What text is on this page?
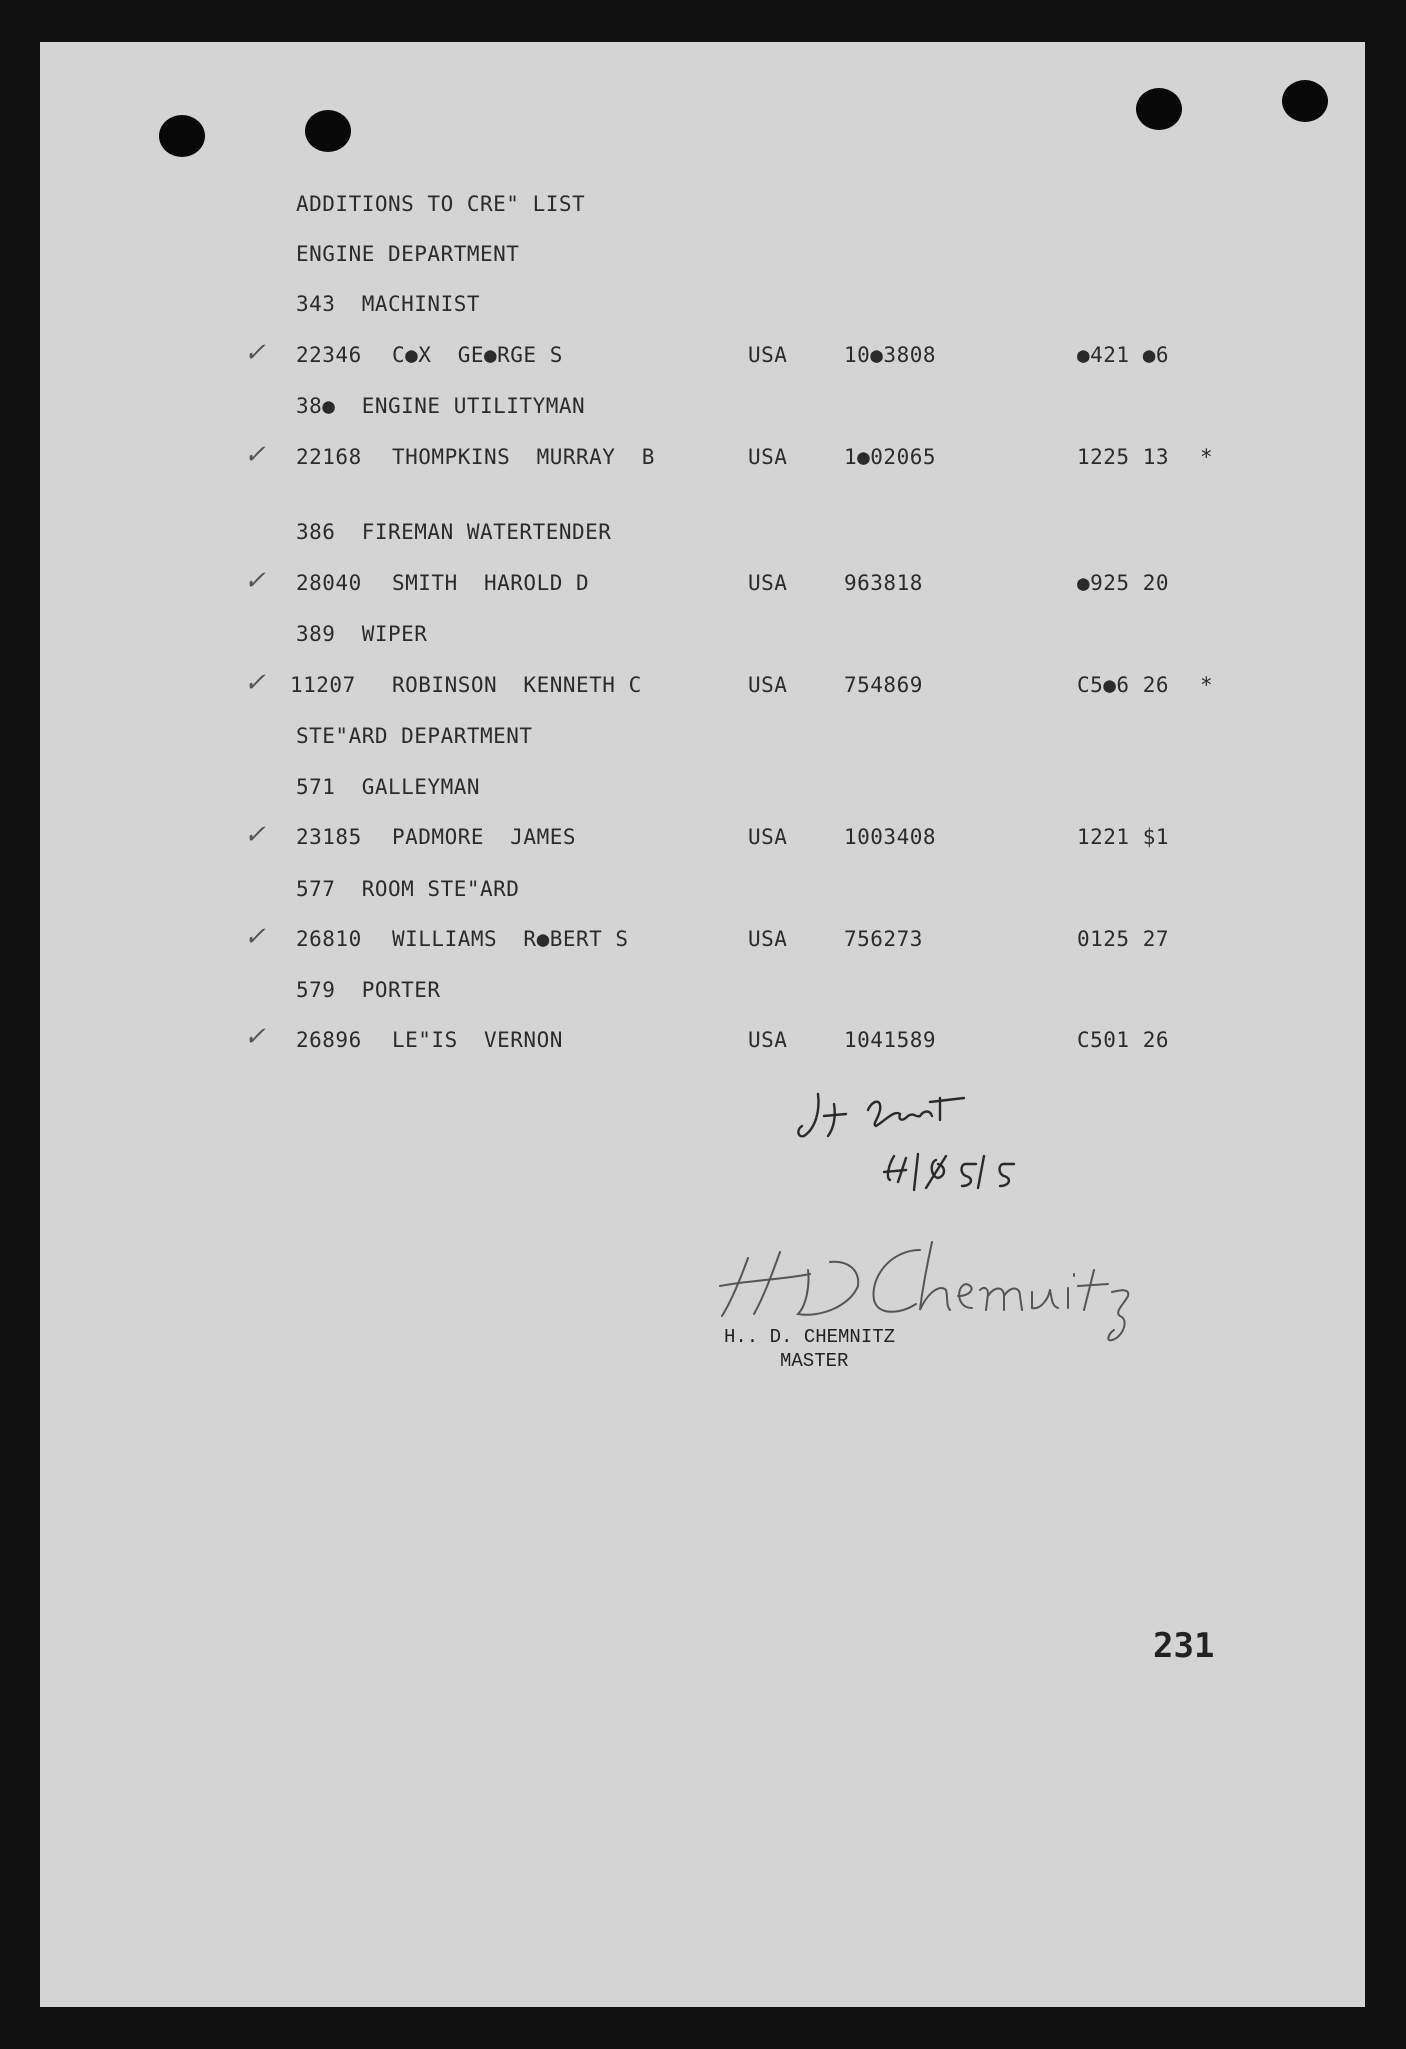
ADDITIONS TO CRE" LIST
ENGINE DEPARTMENT
343  MACHINIST
✓ 22346 C●X  GE●RGE S	USA	10●3808	●421 ●6
38●  ENGINE UTILITYMAN
✓ 22168 THOMPKINS  MURRAY  B	USA	1●02065	1225 13 *
386  FIREMAN WATERTENDER
✓ 28040 SMITH  HAROLD D	USA	963818	●925 20
389  WIPER
✓ 11207 ROBINSON  KENNETH C	USA	754869	C5●6 26 *
STE"ARD DEPARTMENT
571  GALLEYMAN
✓ 23185 PADMORE  JAMES	USA	1003408	1221 $1
577  ROOM STE"ARD
✓ 26810 WILLIAMS  R●BERT S	USA	756273	0125 27
579  PORTER
✓ 26896 LE"IS  VERNON	USA	1041589	C501 26
H.. D. CHEMNITZ
MASTER
231
